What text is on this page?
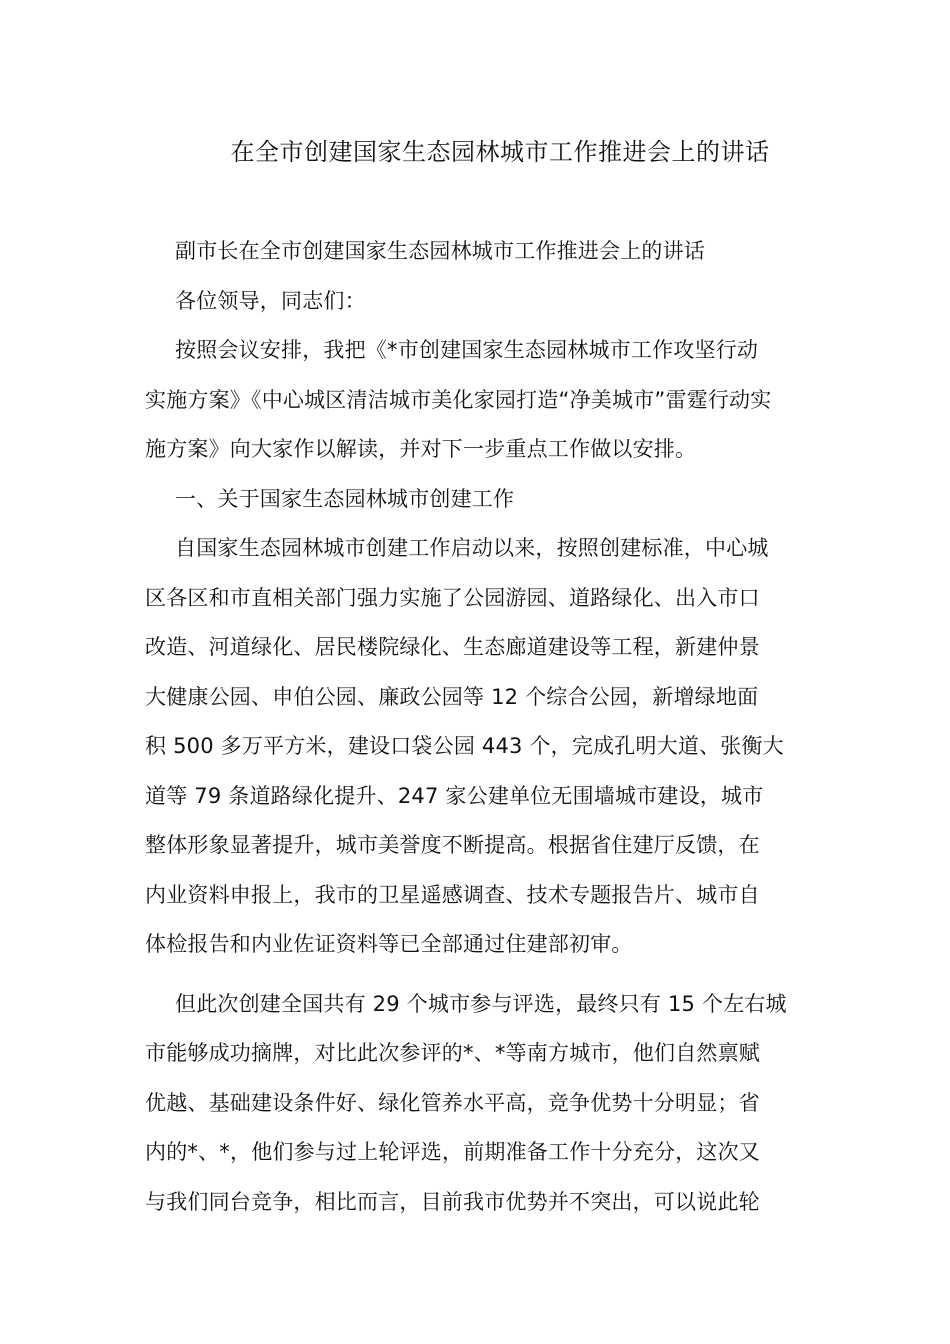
在全市创建国家生态园林城市工作推进会上的讲话
副市长在全市创建国家生态园林城市工作推进会上的讲话
各位领导，同志们：
按照会议安排，我把《*市创建国家生态园林城市工作攻坚行动
实施方案》《中心城区清洁城市美化家园打造“净美城市”雷霆行动实
施方案》向大家作以解读，并对下一步重点工作做以安排。
一、关于国家生态园林城市创建工作
自国家生态园林城市创建工作启动以来，按照创建标准，中心城
区各区和市直相关部门强力实施了公园游园、道路绿化、出入市口
改造、河道绿化、居民楼院绿化、生态廊道建设等工程，新建仲景
大健康公园、申伯公园、廉政公园等 12 个综合公园，新增绿地面
积 500 多万平方米，建设口袋公园 443 个，完成孔明大道、张衡大
道等 79 条道路绿化提升、247 家公建单位无围墙城市建设，城市
整体形象显著提升，城市美誉度不断提高。根据省住建厅反馈，在
内业资料申报上，我市的卫星遥感调查、技术专题报告片、城市自
体检报告和内业佐证资料等已全部通过住建部初审。
但此次创建全国共有 29 个城市参与评选，最终只有 15 个左右城
市能够成功摘牌，对比此次参评的*、*等南方城市，他们自然禀赋
优越、基础建设条件好、绿化管养水平高，竞争优势十分明显；省
内的*、*，他们参与过上轮评选，前期准备工作十分充分，这次又
与我们同台竞争，相比而言，目前我市优势并不突出，可以说此轮
